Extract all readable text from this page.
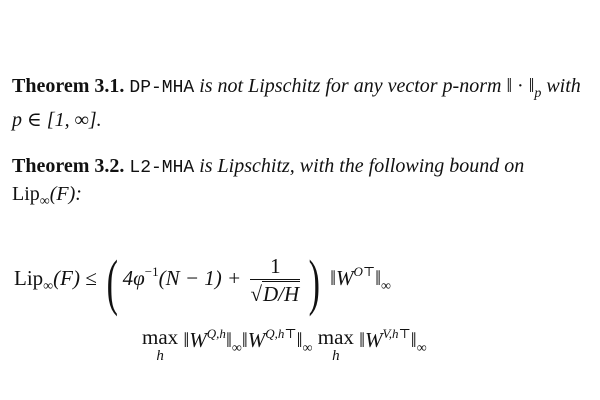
Theorem 3.1. DP-MHA is not Lipschitz for any vector p-norm ‖ · $‖_p$ with p ∈ [1, ∞].
Theorem 3.2. L2-MHA is Lipschitz, with the following bound on Lip$_\infty$(F):
Lip$_\infty$(F) ≤ ( $4\varphi^{-1}(N - 1) + \frac{1}{√D/H}$ ) $‖W^{O⊤}‖_\infty$
max
h
$‖W^{Q,h}‖_\infty‖W^{Q,h⊤}‖_\infty$ max
h
$‖W^{V,h⊤}‖_\infty$
